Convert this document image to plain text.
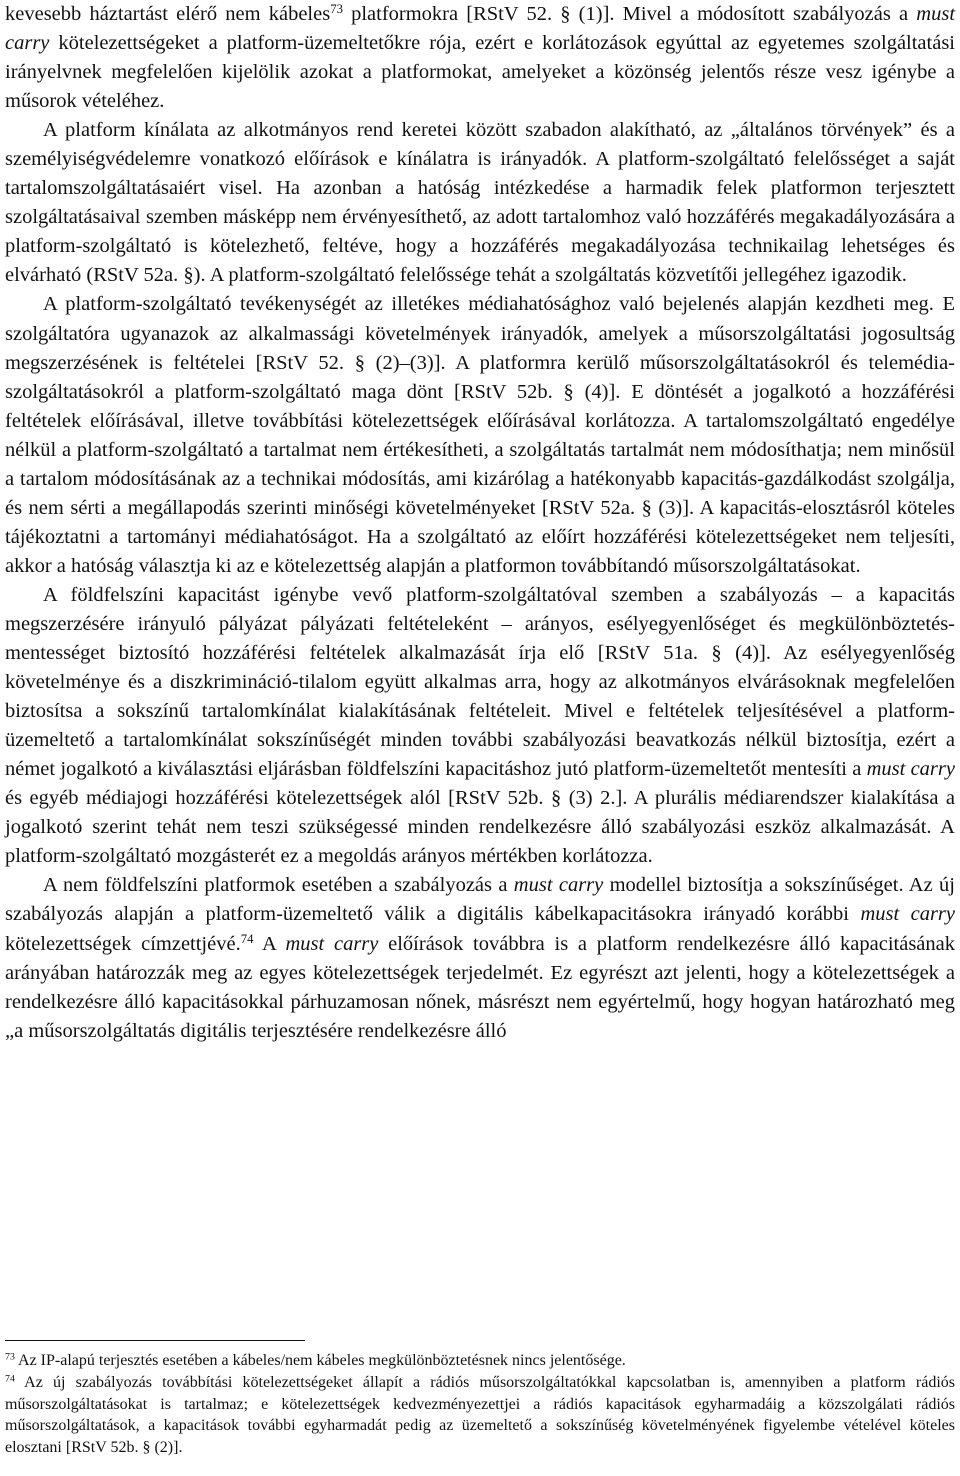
kevesebb háztartást elérő nem kábeles$^{73}$ platformokra [RStV 52. § (1)]. Mivel a módosított szabályozás a must carry kötelezettségeket a platform-üzemeltetőkre rója, ezért e korlátozások egyúttal az egyetemes szolgáltatási irányelvnek megfelelően kijelölik azokat a platformokat, amelyeket a közönség jelentős része vesz igénybe a műsorok vételéhez.

A platform kínálata az alkotmányos rend keretei között szabadon alakítható, az „általános törvények” és a személyiségvédelemre vonatkozó előírások e kínálatra is irányadók. A platform-szolgáltató felelősséget a saját tartalomszolgáltatásaiért visel. Ha azonban a hatóság intézkedése a harmadik felek platformon terjesztett szolgáltatásaival szemben másképp nem érvényesíthető, az adott tartalomhoz való hozzáférés megakadályozására a platform-szolgáltató is kötelezhető, feltéve, hogy a hozzáférés megakadályozása technikailag lehetséges és elvárható (RStV 52a. §). A platform-szolgáltató felelőssége tehát a szolgáltatás közvetítői jellegéhez igazodik.

A platform-szolgáltató tevékenységét az illetékes médiahatósághoz való bejelenés alapján kezdheti meg. E szolgáltatóra ugyanazok az alkalmassági követelmények irányadók, amelyek a műsorszolgáltatási jogosultság megszerzésének is feltételei [RStV 52. § (2)–(3)]. A platformra kerülő műsorszolgáltatásokról és telemédia-szolgáltatásokról a platform-szolgáltató maga dönt [RStV 52b. § (4)]. E döntését a jogalkotó a hozzáférési feltételek előírásával, illetve továbbítási kötelezettségek előírásával korlátozza. A tartalomszolgáltató engedélye nélkül a platform-szolgáltató a tartalmat nem értékesítheti, a szolgáltatás tartalmát nem módosíthatja; nem minősül a tartalom módosításának az a technikai módosítás, ami kizárólag a hatékonyabb kapacitás-gazdálkodást szolgálja, és nem sérti a megállapodás szerinti minőségi követelményeket [RStV 52a. § (3)]. A kapacitás-elosztásról köteles tájékoztatni a tartományi médiahatóságot. Ha a szolgáltató az előírt hozzáférési kötelezettségeket nem teljesíti, akkor a hatóság választja ki az e kötelezettség alapján a platformon továbbítandó műsorszolgáltatásokat.

A földfelszíni kapacitást igénybe vevő platform-szolgáltatóval szemben a szabályozás – a kapacitás megszerzésére irányuló pályázat pályázati feltételeként – arányos, esélyegyenlőséget és megkülönböztetés-mentességet biztosító hozzáférési feltételek alkalmazását írja elő [RStV 51a. § (4)]. Az esélyegyenlőség követelménye és a diszkrimináció-tilalom együtt alkalmas arra, hogy az alkotmányos elvárásoknak megfelelően biztosítsa a sokszínű tartalomkínálat kialakításának feltételeit. Mivel e feltételek teljesítésével a platform-üzemeltető a tartalomkínálat sokszínűségét minden további szabályozási beavatkozás nélkül biztosítja, ezért a német jogalkotó a kiválasztási eljárásban földfelszíni kapacitáshoz jutó platform-üzemeltetőt mentesíti a must carry és egyéb médiajogi hozzáférési kötelezettségek alól [RStV 52b. § (3) 2.]. A plurális médiarendszer kialakítása a jogalkotó szerint tehát nem teszi szükségessé minden rendelkezésre álló szabályozási eszköz alkalmazását. A platform-szolgáltató mozgásterét ez a megoldás arányos mértékben korlátozza.

A nem földfelszíni platformok esetében a szabályozás a must carry modellel biztosítja a sokszínűséget. Az új szabályozás alapján a platform-üzemeltető válik a digitális kábelkapacitásokra irányadó korábbi must carry kötelezettségek címzettjévé.$^{74}$ A must carry előírások továbbra is a platform rendelkezésre álló kapacitásának arányában határozzák meg az egyes kötelezettségek terjedelmét. Ez egyrészt azt jelenti, hogy a kötelezettségek a rendelkezésre álló kapacitásokkal párhuzamosan nőnek, másrészt nem egyértelmű, hogy hogyan határozható meg „a műsorszolgáltatás digitális terjesztésére rendelkezésre álló

$^{73}$ Az IP-alapú terjesztés esetében a kábeles/nem kábeles megkülönböztetésnek nincs jelentősége.

$^{74}$ Az új szabályozás továbbítási kötelezettségeket állapít a rádiós műsorszolgáltatókkal kapcsolatban is, amennyiben a platform rádiós műsorszolgáltatásokat is tartalmaz; e kötelezettségek kedvezményezettjei a rádiós kapacitások egyharmadáig a közszolgálati rádiós műsorszolgáltatások, a kapacitások további egyharmadát pedig az üzemeltető a sokszínűség követelményének figyelembe vételével köteles elosztani [RStV 52b. § (2)].
